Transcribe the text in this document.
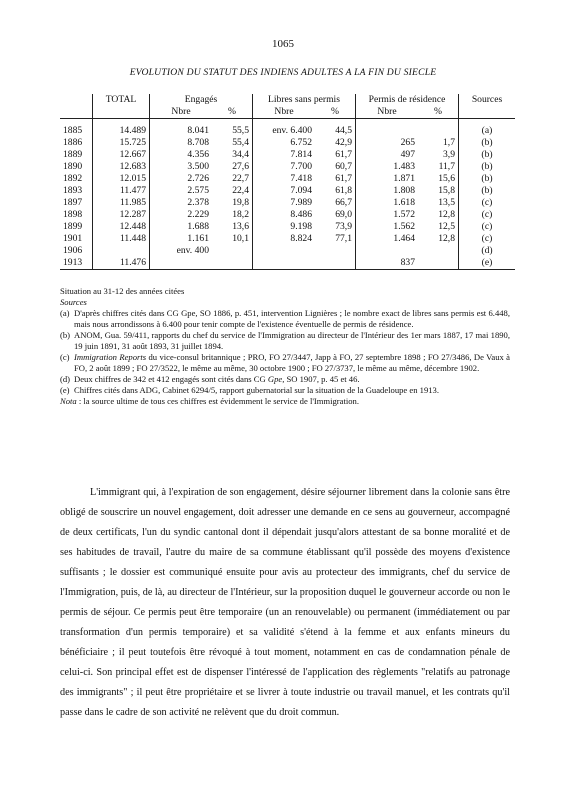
1065
EVOLUTION DU STATUT DES INDIENS ADULTES A LA FIN DU SIECLE
	TOTAL	Engagés		Libres sans permis		Permis de résidence		Sources
		Nbre	%	Nbre	%	Nbre	%	

1885	14.489	8.041	55,5	env. 6.400	44,5			(a)
1886	15.725	8.708	55,4	6.752	42,9	265	1,7	(b)
1889	12.667	4.356	34,4	7.814	61,7	497	3,9	(b)
1890	12.683	3.500	27,6	7.700	60,7	1.483	11,7	(b)
1892	12.015	2.726	22,7	7.418	61,7	1.871	15,6	(b)
1893	11.477	2.575	22,4	7.094	61,8	1.808	15,8	(b)
1897	11.985	2.378	19,8	7.989	66,7	1.618	13,5	(c)
1898	12.287	2.229	18,2	8.486	69,0	1.572	12,8	(c)
1899	12.448	1.688	13,6	9.198	73,9	1.562	12,5	(c)
1901	11.448	1.161	10,1	8.824	77,1	1.464	12,8	(c)
1906		env. 400						(d)
1913	11.476					837		(e)

Situation au 31-12 des années citées

Sources

(a) D'après chiffres cités dans CG Gpe, SO 1886, p. 451, intervention Lignières ; le nombre exact de libres sans permis est 6.448, mais nous arrondissons à 6.400 pour tenir compte de l'existence éventuelle de permis de résidence.
(b) ANOM, Gua. 59/411, rapports du chef du service de l'Immigration au directeur de l'Intérieur des 1er mars 1887, 17 mai 1890, 19 juin 1891, 31 août 1893, 31 juillet 1894.
(c) Immigration Reports du vice-consul britannique ; PRO, FO 27/3447, Japp à FO, 27 septembre 1898 ; FO 27/3486, De Vaux à FO, 2 août 1899 ; FO 27/3522, le même au même, 30 octobre 1900 ; FO 27/3737, le même au même, décembre 1902.
(d) Deux chiffres de 342 et 412 engagés sont cités dans CG Gpe, SO 1907, p. 45 et 46.
(e) Chiffres cités dans ADG, Cabinet 6294/5, rapport gubernatorial sur la situation de la Guadeloupe en 1913.

Nota : la source ultime de tous ces chiffres est évidemment le service de l'Immigration.

L'immigrant qui, à l'expiration de son engagement, désire séjourner librement dans la colonie sans être obligé de souscrire un nouvel engagement, doit adresser une demande en ce sens au gouverneur, accompagné de deux certificats, l'un du syndic cantonal dont il dépendait jusqu'alors attestant de sa bonne moralité et de ses habitudes de travail, l'autre du maire de sa commune établissant qu'il possède des moyens d'existence suffisants ; le dossier est communiqué ensuite pour avis au protecteur des immigrants, chef du service de l'Immigration, puis, de là, au directeur de l'Intérieur, sur la proposition duquel le gouverneur accorde ou non le permis de séjour. Ce permis peut être temporaire (un an renouvelable) ou permanent (immédiatement ou par transformation d'un permis temporaire) et sa validité s'étend à la femme et aux enfants mineurs du bénéficiaire ; il peut toutefois être révoqué à tout moment, notamment en cas de condamnation pénale de celui-ci. Son principal effet est de dispenser l'intéressé de l'application des règlements "relatifs au patronage des immigrants" ; il peut être propriétaire et se livrer à toute industrie ou travail manuel, et les contrats qu'il passe dans le cadre de son activité ne relèvent que du droit commun.
